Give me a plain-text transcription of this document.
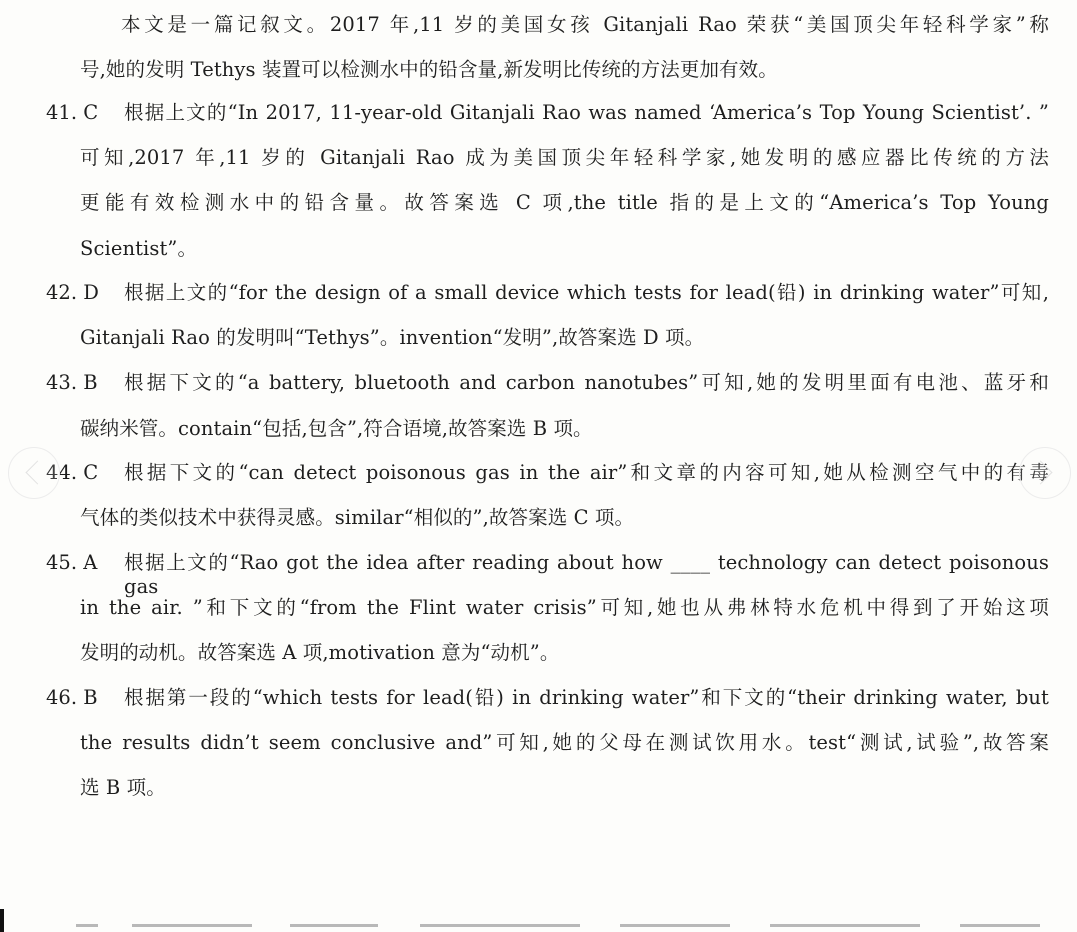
本文是一篇记叙文。2017 年,11 岁的美国女孩 Gitanjali Rao 荣获“美国顶尖年轻科学家”称
号,她的发明 Tethys 装置可以检测水中的铅含量,新发明比传统的方法更加有效。
41. C 根据上文的“In 2017, 11-year-old Gitanjali Rao was named ‘America’s Top Young Scientist’. ”
可知,2017 年,11 岁的 Gitanjali Rao 成为美国顶尖年轻科学家,她发明的感应器比传统的方法
更能有效检测水中的铅含量。故答案选 C 项,the title 指的是上文的“America’s Top Young
Scientist”。
42. D 根据上文的“for the design of a small device which tests for lead(铅) in drinking water”可知,
Gitanjali Rao 的发明叫“Tethys”。invention“发明”,故答案选 D 项。
43. B 根据下文的“a battery, bluetooth and carbon nanotubes”可知,她的发明里面有电池、蓝牙和
碳纳米管。contain“包括,包含”,符合语境,故答案选 B 项。
44. C 根据下文的“can detect poisonous gas in the air”和文章的内容可知,她从检测空气中的有毒
气体的类似技术中获得灵感。similar“相似的”,故答案选 C 项。
45. A 根据上文的“Rao got the idea after reading about how ____ technology can detect poisonous gas
in the air. ”和下文的“from the Flint water crisis”可知,她也从弗林特水危机中得到了开始这项
发明的动机。故答案选 A 项,motivation 意为“动机”。
46. B 根据第一段的“which tests for lead(铅) in drinking water”和下文的“their drinking water, but
the results didn’t seem conclusive and”可知,她的父母在测试饮用水。test“测试,试验”,故答案
选 B 项。
